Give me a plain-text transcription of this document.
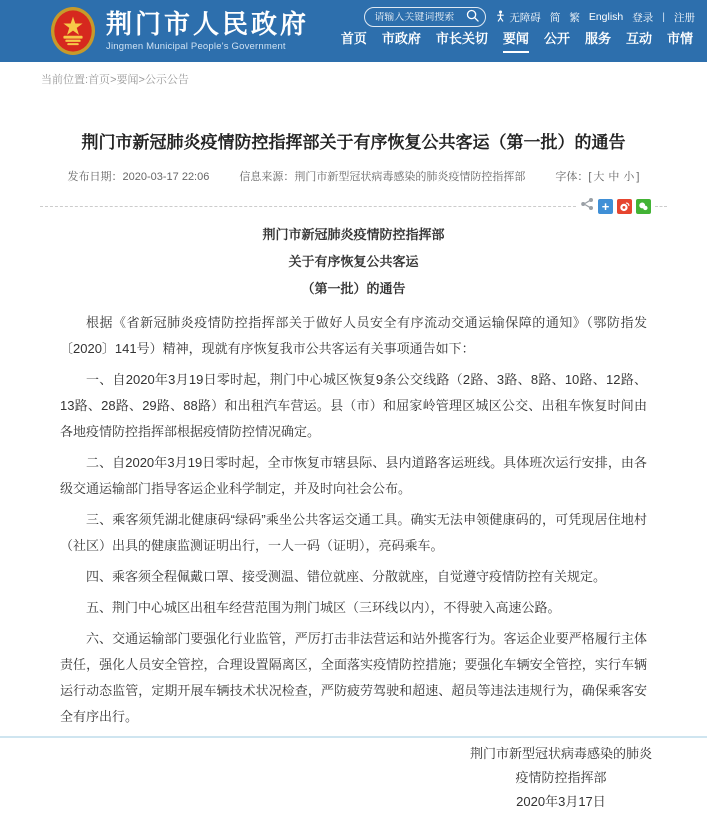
荆门市人民政府
Jingmen Municipal People's Government
请输入关键词搜索
无障碍 简 繁 English 登录 | 注册
首页 市政府 市长关切 要闻 公开 服务 互动 市情
当前位置:首页>要闻>公示公告
荆门市新冠肺炎疫情防控指挥部关于有序恢复公共客运（第一批）的通告
发布日期：2020-03-17 22:06	信息来源：荆门市新型冠状病毒感染的肺炎疫情防控指挥部	字体：[ 大 中 小 ]
+
荆门市新冠肺炎疫情防控指挥部
关于有序恢复公共客运
（第一批）的通告

根据《省新冠肺炎疫情防控指挥部关于做好人员安全有序流动交通运输保障的通知》（鄂防指发〔2020〕141号）精神，现就有序恢复我市公共客运有关事项通告如下：

一、自2020年3月19日零时起，荆门中心城区恢复9条公交线路（2路、3路、8路、10路、12路、13路、28路、29路、88路）和出租汽车营运。县（市）和屈家岭管理区城区公交、出租车恢复时间由各地疫情防控指挥部根据疫情防控情况确定。

二、自2020年3月19日零时起，全市恢复市辖县际、县内道路客运班线。具体班次运行安排，由各级交通运输部门指导客运企业科学制定，并及时向社会公布。

三、乘客须凭湖北健康码“绿码”乘坐公共客运交通工具。确实无法申领健康码的，可凭现居住地村（社区）出具的健康监测证明出行，一人一码（证明），亮码乘车。

四、乘客须全程佩戴口罩、接受测温、错位就座、分散就座，自觉遵守疫情防控有关规定。

五、荆门中心城区出租车经营范围为荆门城区（三环线以内），不得驶入高速公路。

六、交通运输部门要强化行业监管，严厉打击非法营运和站外揽客行为。客运企业要严格履行主体责任，强化人员安全管控，合理设置隔离区，全面落实疫情防控措施；要强化车辆安全管控，实行车辆运行动态监管，定期开展车辆技术状况检查，严防疲劳驾驶和超速、超员等违法违规行为，确保乘客安全有序出行。

荆门市新型冠状病毒感染的肺炎
疫情防控指挥部
2020年3月17日
